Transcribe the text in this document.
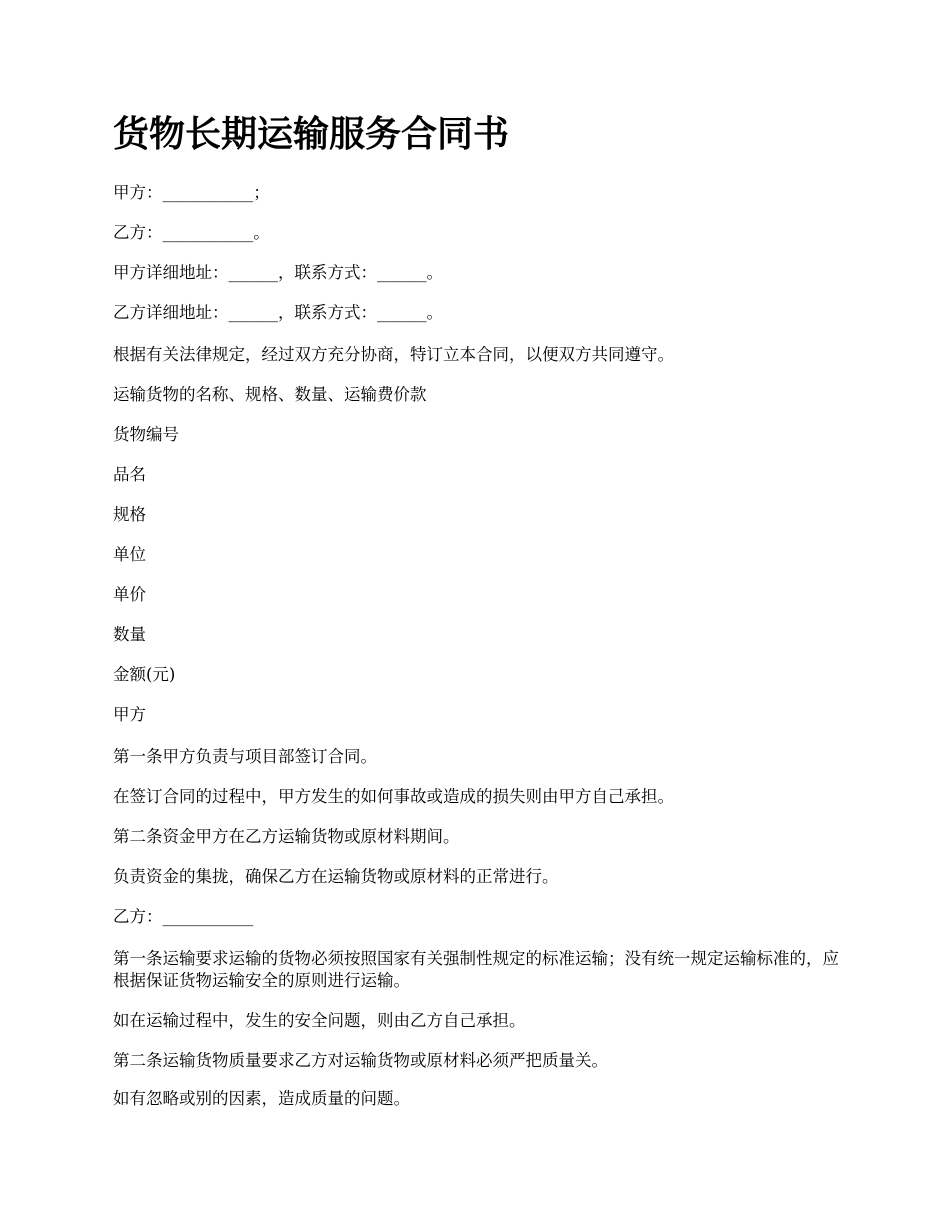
货物长期运输服务合同书

甲方：___________；

乙方：___________。

甲方详细地址：______，联系方式：______。

乙方详细地址：______，联系方式：______。

根据有关法律规定，经过双方充分协商，特订立本合同，以便双方共同遵守。

运输货物的名称、规格、数量、运输费价款

货物编号

品名

规格

单位

单价

数量

金额(元)

甲方

第一条甲方负责与项目部签订合同。

在签订合同的过程中，甲方发生的如何事故或造成的损失则由甲方自己承担。

第二条资金甲方在乙方运输货物或原材料期间。

负责资金的集拢，确保乙方在运输货物或原材料的正常进行。

乙方：___________

第一条运输要求运输的货物必须按照国家有关强制性规定的标准运输；没有统一规定运输标准的，应根据保证货物运输安全的原则进行运输。

如在运输过程中，发生的安全问题，则由乙方自己承担。

第二条运输货物质量要求乙方对运输货物或原材料必须严把质量关。

如有忽略或别的因素，造成质量的问题。
